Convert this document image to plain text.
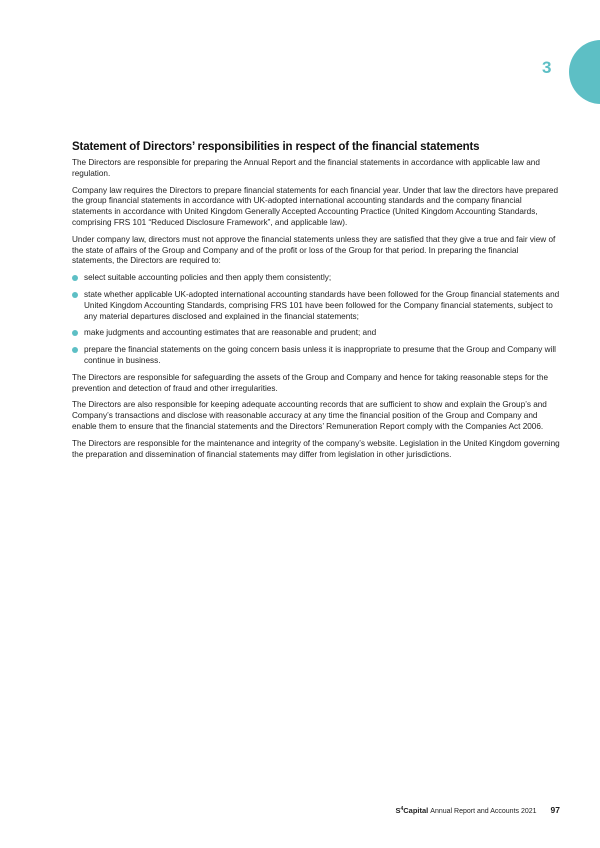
3
Statement of Directors’ responsibilities in respect of the financial statements

The Directors are responsible for preparing the Annual Report and the financial statements in accordance with applicable law and regulation.

Company law requires the Directors to prepare financial statements for each financial year. Under that law the directors have prepared the group financial statements in accordance with UK-adopted international accounting standards and the company financial statements in accordance with United Kingdom Generally Accepted Accounting Practice (United Kingdom Accounting Standards, comprising FRS 101 “Reduced Disclosure Framework”, and applicable law).

Under company law, directors must not approve the financial statements unless they are satisfied that they give a true and fair view of the state of affairs of the Group and Company and of the profit or loss of the Group for that period. In preparing the financial statements, the Directors are required to:

select suitable accounting policies and then apply them consistently;
state whether applicable UK-adopted international accounting standards have been followed for the Group financial statements and United Kingdom Accounting Standards, comprising FRS 101 have been followed for the Company financial statements, subject to any material departures disclosed and explained in the financial statements;
make judgments and accounting estimates that are reasonable and prudent; and
prepare the financial statements on the going concern basis unless it is inappropriate to presume that the Group and Company will continue in business.

The Directors are responsible for safeguarding the assets of the Group and Company and hence for taking reasonable steps for the prevention and detection of fraud and other irregularities.

The Directors are also responsible for keeping adequate accounting records that are sufficient to show and explain the Group’s and Company’s transactions and disclose with reasonable accuracy at any time the financial position of the Group and Company and enable them to ensure that the financial statements and the Directors’ Remuneration Report comply with the Companies Act 2006.

The Directors are responsible for the maintenance and integrity of the company’s website. Legislation in the United Kingdom governing the preparation and dissemination of financial statements may differ from legislation in other jurisdictions.

$S^4Capital$ Annual Report and Accounts 2021 97
